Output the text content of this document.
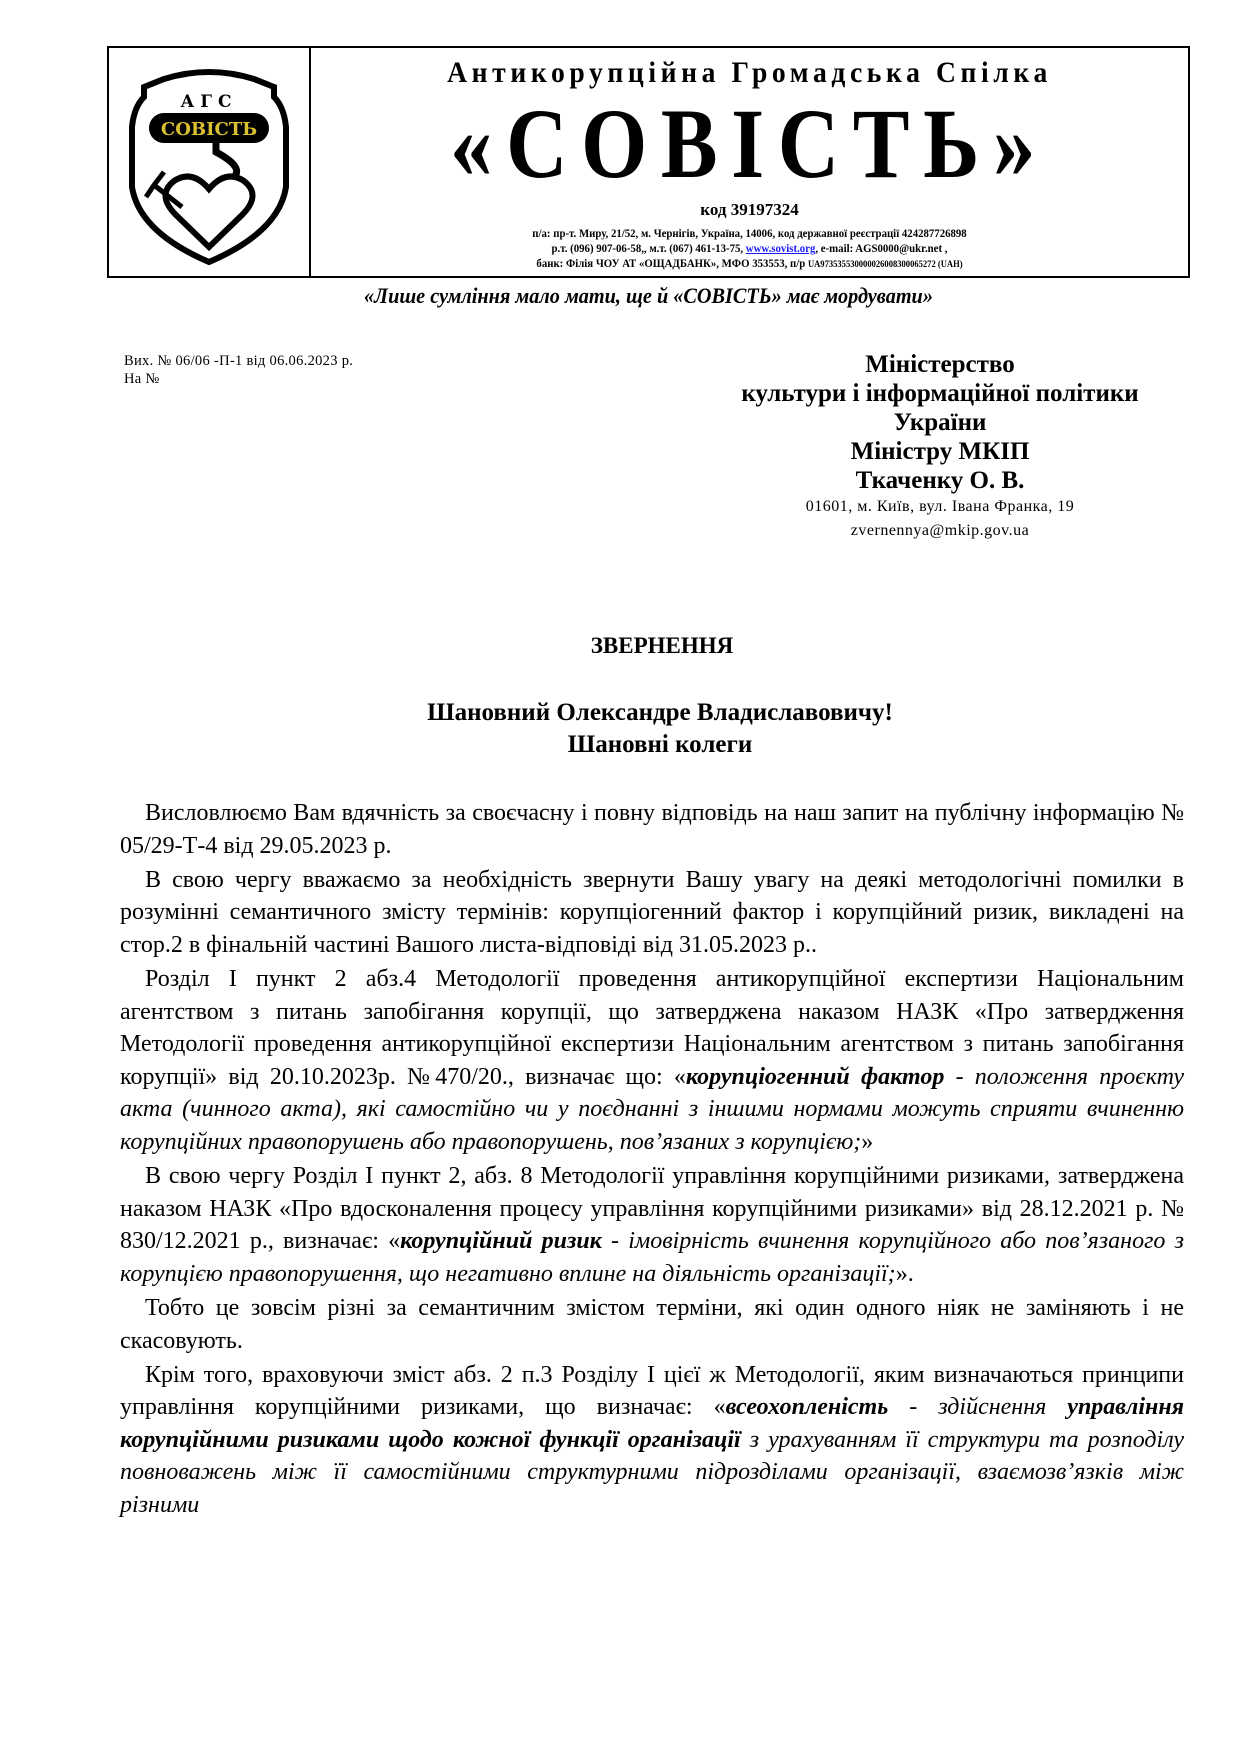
АГС
СОВІСТЬ
Антикорупційна Громадська Спілка
«СОВІСТЬ»
код 39197324
п/а: пр-т. Миру, 21/52, м. Чернігів, Україна, 14006, код державної реєстрації 424287726898
р.т. (096) 907-06-58,, м.т. (067) 461-13-75, www.sovist.org, e-mail: AGS0000@ukr.net ,
банк: Філія ЧОУ АТ «ОЩАДБАНК», МФО 353553, п/р UA973535530000026008300065272 (UAH)
«Лише сумління мало мати, ще й «СОВІСТЬ» має мордувати»
Вих. № 06/06 -П-1 від 06.06.2023 р.
На №
Міністерство
культури і інформаційної політики
України
Міністру МКІП
Ткаченку О. В.
01601, м. Київ, вул. Івана Франка, 19
zvernennya@mkip.gov.ua
ЗВЕРНЕННЯ
Шановний Олександре Владиславовичу!
Шановні колеги

Висловлюємо Вам вдячність за своєчасну і повну відповідь на наш запит на публічну інформацію № 05/29-Т-4 від 29.05.2023 р.

В свою чергу вважаємо за необхідність звернути Вашу увагу на деякі методологічні помилки в розумінні семантичного змісту термінів: корупціогенний фактор і корупційний ризик, викладені на стор.2 в фінальній частині Вашого листа-відповіді від 31.05.2023 р..

Розділ І пункт 2 абз.4 Методології проведення антикорупційної експертизи Національним агентством з питань запобігання корупції, що затверджена наказом НАЗК «Про затвердження Методології проведення антикорупційної експертизи Національним агентством з питань запобігання корупції» від 20.10.2023р. №470/20., визначає що: «корупціогенний фактор - положення проєкту акта (чинного акта), які самостійно чи у поєднанні з іншими нормами можуть сприяти вчиненню корупційних правопорушень або правопорушень, пов’язаних з корупцією;»

В свою чергу Розділ І пункт 2, абз. 8 Методології управління корупційними ризиками, затверджена наказом НАЗК «Про вдосконалення процесу управління корупційними ризиками» від 28.12.2021 р. № 830/12.2021 р., визначає: «корупційний ризик - імовірність вчинення корупційного або пов’язаного з корупцією правопорушення, що негативно вплине на діяльність організації;».

Тобто це зовсім різні за семантичним змістом терміни, які один одного ніяк не заміняють і не скасовують.

Крім того, враховуючи зміст абз. 2 п.3 Розділу І цієї ж Методології, яким визначаються принципи управління корупційними ризиками, що визначає: «всеохопленість - здійснення управління корупційними ризиками щодо кожної функції організації з урахуванням її структури та розподілу повноважень між її самостійними структурними підрозділами організації, взаємозв’язків між різними
